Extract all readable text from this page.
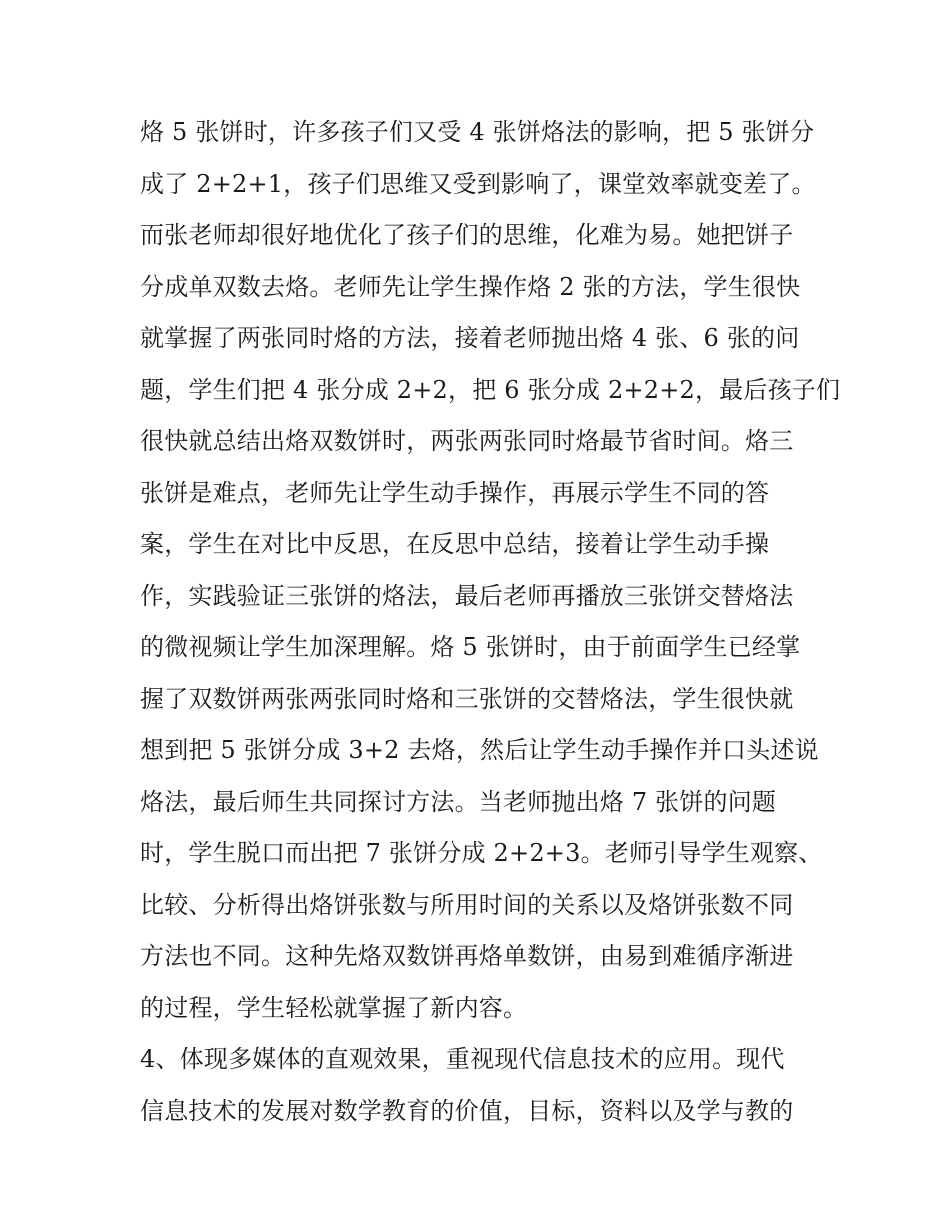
烙 5 张饼时，许多孩子们又受 4 张饼烙法的影响，把 5 张饼分
成了 2+2+1，孩子们思维又受到影响了，课堂效率就变差了。
而张老师却很好地优化了孩子们的思维，化难为易。她把饼子
分成单双数去烙。老师先让学生操作烙 2 张的方法，学生很快
就掌握了两张同时烙的方法，接着老师抛出烙 4 张、6 张的问
题，学生们把 4 张分成 2+2，把 6 张分成 2+2+2，最后孩子们
很快就总结出烙双数饼时，两张两张同时烙最节省时间。烙三
张饼是难点，老师先让学生动手操作，再展示学生不同的答
案，学生在对比中反思，在反思中总结，接着让学生动手操
作，实践验证三张饼的烙法，最后老师再播放三张饼交替烙法
的微视频让学生加深理解。烙 5 张饼时，由于前面学生已经掌
握了双数饼两张两张同时烙和三张饼的交替烙法，学生很快就
想到把 5 张饼分成 3+2 去烙，然后让学生动手操作并口头述说
烙法，最后师生共同探讨方法。当老师抛出烙 7 张饼的问题
时，学生脱口而出把 7 张饼分成 2+2+3。老师引导学生观察、
比较、分析得出烙饼张数与所用时间的关系以及烙饼张数不同
方法也不同。这种先烙双数饼再烙单数饼，由易到难循序渐进
的过程，学生轻松就掌握了新内容。
4、体现多媒体的直观效果，重视现代信息技术的应用。现代
信息技术的发展对数学教育的价值，目标，资料以及学与教的
